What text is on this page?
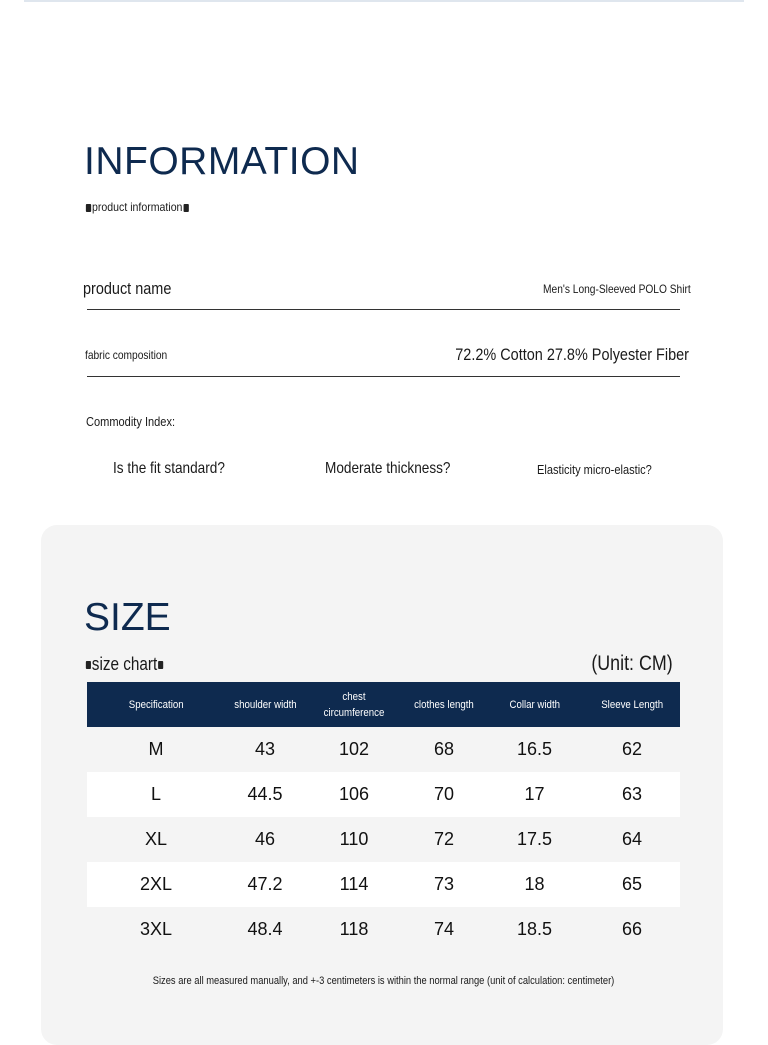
INFORMATION
product information
product name	Men's Long-Sleeved POLO Shirt
fabric composition	72.2% Cotton 27.8% Polyester Fiber
Commodity Index:
Is the fit standard?	Moderate thickness?	Elasticity micro-elastic?
SIZE
size chart	(Unit: CM)
Specification	shoulder width	chest circumference	clothes length	Collar width	Sleeve Length
M	43	102	68	16.5	62
L	44.5	106	70	17	63
XL	46	110	72	17.5	64
2XL	47.2	114	73	18	65
3XL	48.4	118	74	18.5	66
Sizes are all measured manually, and +-3 centimeters is within the normal range (unit of calculation: centimeter)
